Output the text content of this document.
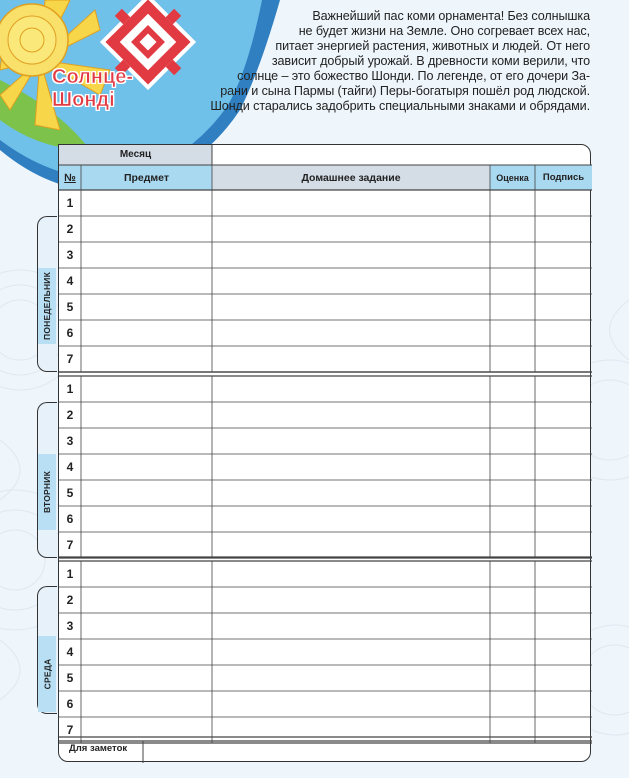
Солнце-
Шонді
Важнейший пас коми орнамента! Без солнышка
не будет жизни на Земле. Оно согревает всех нас,
питает энергией растения, животных и людей. От него
зависит добрый урожай. В древности коми верили, что
солнце – это божество Шонди. По легенде, от его дочери За-
рани и сына Пармы (тайги) Пеpы-богатыря пошёл род людской.
Шонди старались задобрить специальными знаками и обрядами.
ПОНЕДЕЛЬНИК
ВТОРНИК
СРЕДА
Месяц
№	Предмет	Домашнее задание	Оценка	Подпись
1
2
3
4
5
6
7
1
2
3
4
5
6
7
1
2
3
4
5
6
7
Для заметок
